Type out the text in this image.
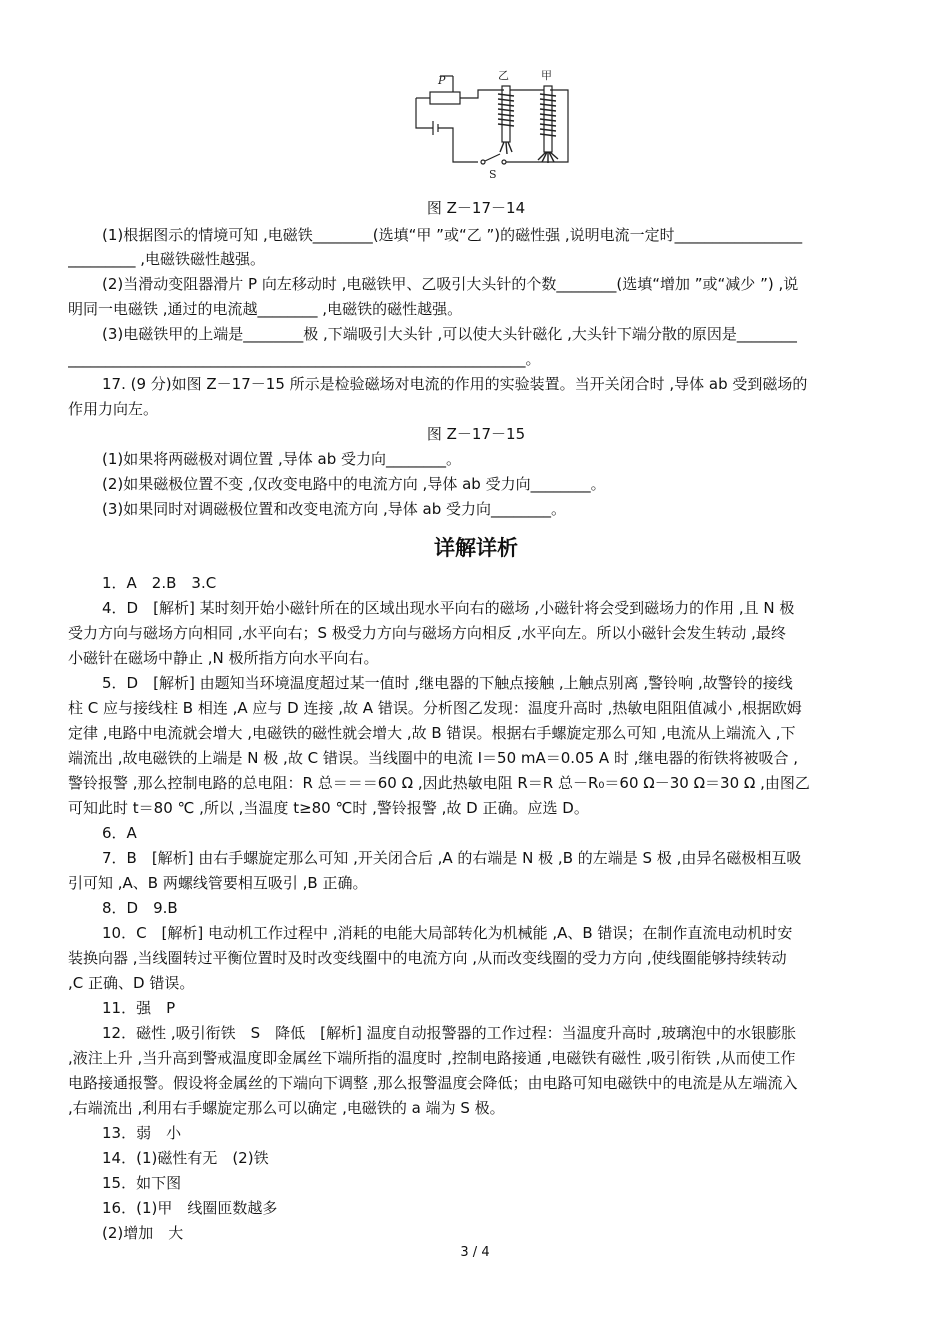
P	乙	甲
S
图 Z－17－14
(1)根据图示的情境可知 ,电磁铁________(选填“甲 ”或“乙 ”)的磁性强 ,说明电流一定时_________________
_________ ,电磁铁磁性越强。
(2)当滑动变阻器滑片 P 向左移动时 ,电磁铁甲、乙吸引大头针的个数________(选填“增加 ”或“减少 ”) ,说
明同一电磁铁 ,通过的电流越________ ,电磁铁的磁性越强。
(3)电磁铁甲的上端是________极 ,下端吸引大头针 ,可以使大头针磁化 ,大头针下端分散的原因是________
_____________________________________________________________。
17. (9 分)如图 Z－17－15 所示是检验磁场对电流的作用的实验装置。当开关闭合时 ,导体 ab 受到磁场的
作用力向左。
图 Z－17－15
(1)如果将两磁极对调位置 ,导体 ab 受力向________。
(2)如果磁极位置不变 ,仅改变电路中的电流方向 ,导体 ab 受力向________。
(3)如果同时对调磁极位置和改变电流方向 ,导体 ab 受力向________。
详解详析
1．A　2.B　3.C
4．D　[解析] 某时刻开始小磁针所在的区域出现水平向右的磁场 ,小磁针将会受到磁场力的作用 ,且 N 极
受力方向与磁场方向相同 ,水平向右；S 极受力方向与磁场方向相反 ,水平向左。所以小磁针会发生转动 ,最终
小磁针在磁场中静止 ,N 极所指方向水平向右。
5．D　[解析] 由题知当环境温度超过某一值时 ,继电器的下触点接触 ,上触点别离 ,警铃响 ,故警铃的接线
柱 C 应与接线柱 B 相连 ,A 应与 D 连接 ,故 A 错误。分析图乙发现：温度升高时 ,热敏电阻阻值减小 ,根据欧姆
定律 ,电路中电流就会增大 ,电磁铁的磁性就会增大 ,故 B 错误。根据右手螺旋定那么可知 ,电流从上端流入 ,下
端流出 ,故电磁铁的上端是 N 极 ,故 C 错误。当线圈中的电流 I＝50 mA＝0.05 A 时 ,继电器的衔铁将被吸合 ,
警铃报警 ,那么控制电路的总电阻：R 总＝＝＝60 Ω ,因此热敏电阻 R＝R 总－R₀＝60 Ω－30 Ω＝30 Ω ,由图乙
可知此时 t＝80 ℃ ,所以 ,当温度 t≥80 ℃时 ,警铃报警 ,故 D 正确。应选 D。
6．A
7．B　[解析] 由右手螺旋定那么可知 ,开关闭合后 ,A 的右端是 N 极 ,B 的左端是 S 极 ,由异名磁极相互吸
引可知 ,A、B 两螺线管要相互吸引 ,B 正确。
8．D　9.B
10．C　[解析] 电动机工作过程中 ,消耗的电能大局部转化为机械能 ,A、B 错误；在制作直流电动机时安
装换向器 ,当线圈转过平衡位置时及时改变线圈中的电流方向 ,从而改变线圈的受力方向 ,使线圈能够持续转动
,C 正确、D 错误。
11．强　P
12．磁性 ,吸引衔铁　S　降低　[解析] 温度自动报警器的工作过程：当温度升高时 ,玻璃泡中的水银膨胀
,液注上升 ,当升高到警戒温度即金属丝下端所指的温度时 ,控制电路接通 ,电磁铁有磁性 ,吸引衔铁 ,从而使工作
电路接通报警。假设将金属丝的下端向下调整 ,那么报警温度会降低；由电路可知电磁铁中的电流是从左端流入
,右端流出 ,利用右手螺旋定那么可以确定 ,电磁铁的 a 端为 S 极。
13．弱　小
14．(1)磁性有无　(2)铁
15．如下图
16．(1)甲　线圈匝数越多
(2)增加　大
3 / 4
